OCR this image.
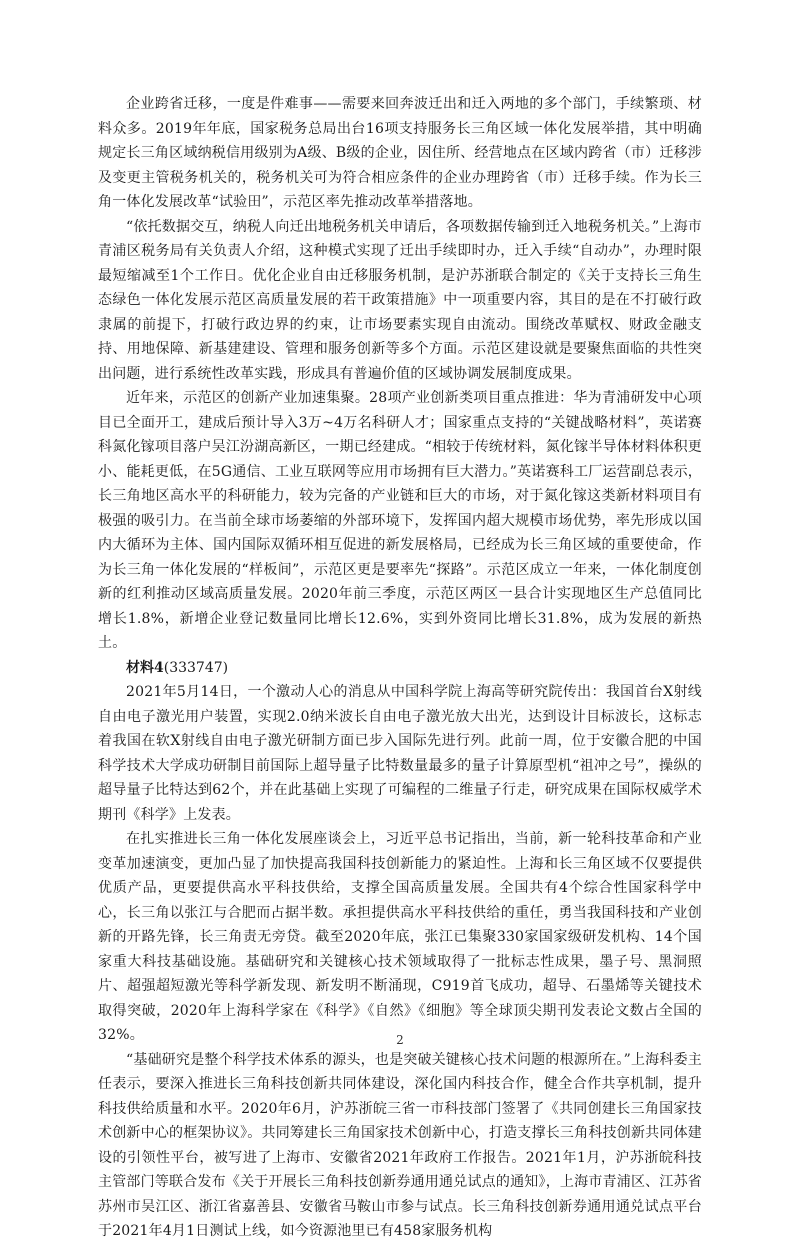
企业跨省迁移，一度是件难事——需要来回奔波迁出和迁入两地的多个部门，手续繁琐、材料众多。2019年年底，国家税务总局出台16项支持服务长三角区域一体化发展举措，其中明确规定长三角区域纳税信用级别为A级、B级的企业，因住所、经营地点在区域内跨省（市）迁移涉及变更主管税务机关的，税务机关可为符合相应条件的企业办理跨省（市）迁移手续。作为长三角一体化发展改革“试验田”，示范区率先推动改革举措落地。

“依托数据交互，纳税人向迁出地税务机关申请后，各项数据传输到迁入地税务机关。”上海市青浦区税务局有关负责人介绍，这种模式实现了迁出手续即时办，迁入手续“自动办”，办理时限最短缩减至1个工作日。优化企业自由迁移服务机制，是沪苏浙联合制定的《关于支持长三角生态绿色一体化发展示范区高质量发展的若干政策措施》中一项重要内容，其目的是在不打破行政隶属的前提下，打破行政边界的约束，让市场要素实现自由流动。围绕改革赋权、财政金融支持、用地保障、新基建建设、管理和服务创新等多个方面。示范区建设就是要聚焦面临的共性突出问题，进行系统性改革实践，形成具有普遍价值的区域协调发展制度成果。

近年来，示范区的创新产业加速集聚。28项产业创新类项目重点推进：华为青浦研发中心项目已全面开工，建成后预计导入3万~4万名科研人才；国家重点支持的“关键战略材料”，英诺赛科氮化镓项目落户吴江汾湖高新区，一期已经建成。“相较于传统材料，氮化镓半导体材料体积更小、能耗更低，在5G通信、工业互联网等应用市场拥有巨大潜力。”英诺赛科工厂运营副总表示，长三角地区高水平的科研能力，较为完备的产业链和巨大的市场，对于氮化镓这类新材料项目有极强的吸引力。在当前全球市场萎缩的外部环境下，发挥国内超大规模市场优势，率先形成以国内大循环为主体、国内国际双循环相互促进的新发展格局，已经成为长三角区域的重要使命，作为长三角一体化发展的“样板间”，示范区更是要率先“探路”。示范区成立一年来，一体化制度创新的红利推动区域高质量发展。2020年前三季度，示范区两区一县合计实现地区生产总值同比增长1.8%，新增企业登记数量同比增长12.6%，实到外资同比增长31.8%，成为发展的新热土。

材料4(333747)

2021年5月14日，一个激动人心的消息从中国科学院上海高等研究院传出：我国首台X射线自由电子激光用户装置，实现2.0纳米波长自由电子激光放大出光，达到设计目标波长，这标志着我国在软X射线自由电子激光研制方面已步入国际先进行列。此前一周，位于安徽合肥的中国科学技术大学成功研制目前国际上超导量子比特数量最多的量子计算原型机“祖冲之号”，操纵的超导量子比特达到62个，并在此基础上实现了可编程的二维量子行走，研究成果在国际权威学术期刊《科学》上发表。

在扎实推进长三角一体化发展座谈会上，习近平总书记指出，当前，新一轮科技革命和产业变革加速演变，更加凸显了加快提高我国科技创新能力的紧迫性。上海和长三角区域不仅要提供优质产品，更要提供高水平科技供给，支撑全国高质量发展。全国共有4个综合性国家科学中心，长三角以张江与合肥而占据半数。承担提供高水平科技供给的重任，勇当我国科技和产业创新的开路先锋，长三角责无旁贷。截至2020年底，张江已集聚330家国家级研发机构、14个国家重大科技基础设施。基础研究和关键核心技术领域取得了一批标志性成果，墨子号、黑洞照片、超强超短激光等科学新发现、新发明不断涌现，C919首飞成功，超导、石墨烯等关键技术取得突破，2020年上海科学家在《科学》《自然》《细胞》等全球顶尖期刊发表论文数占全国的32%。

“基础研究是整个科学技术体系的源头，也是突破关键核心技术问题的根源所在。”上海科委主任表示，要深入推进长三角科技创新共同体建设，深化国内科技合作，健全合作共享机制，提升科技供给质量和水平。2020年6月，沪苏浙皖三省一市科技部门签署了《共同创建长三角国家技术创新中心的框架协议》。共同筹建长三角国家技术创新中心，打造支撑长三角科技创新共同体建设的引领性平台，被写进了上海市、安徽省2021年政府工作报告。2021年1月，沪苏浙皖科技主管部门等联合发布《关于开展长三角科技创新券通用通兑试点的通知》，上海市青浦区、江苏省苏州市吴江区、浙江省嘉善县、安徽省马鞍山市参与试点。长三角科技创新券通用通兑试点平台于2021年4月1日测试上线，如今资源池里已有458家服务机构

2
